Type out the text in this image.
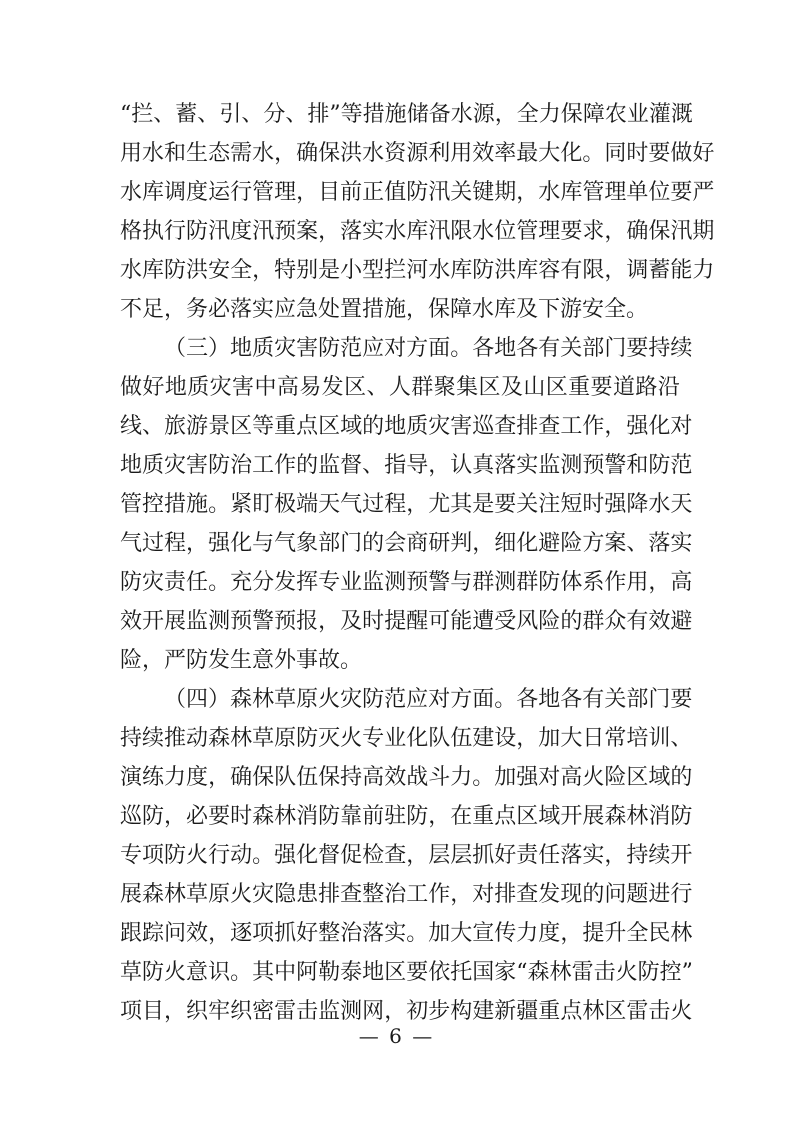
“ 拦 、 蓄 、 引 、 分 、 排 ” 等 措 施 储 备 水 源 ， 全 力 保 障 农 业 灌 溉
用 水 和 生 态 需 水 ， 确 保 洪 水 资 源 利 用 效 率 最 大 化 。 同 时 要 做 好
水 库 调 度 运 行 管 理 ， 目 前 正 值 防 汛 关 键 期 ， 水 库 管 理 单 位 要 严
格 执 行 防 汛 度 汛 预 案 ， 落 实 水 库 汛 限 水 位 管 理 要 求 ， 确 保 汛 期
水 库 防 洪 安 全 ， 特 别 是 小 型 拦 河 水 库 防 洪 库 容 有 限 ， 调 蓄 能 力
不足，务必落实应急处置措施，保障水库及下游安全。
（ 三 ） 地 质 灾 害 防 范 应 对 方 面 。 各 地 各 有 关 部 门 要 持 续
做 好 地 质 灾 害 中 高 易 发 区 、 人 群 聚 集 区 及 山 区 重 要 道 路 沿
线 、 旅 游 景 区 等 重 点 区 域 的 地 质 灾 害 巡 查 排 查 工 作 ， 强 化 对
地 质 灾 害 防 治 工 作 的 监 督 、 指 导 ， 认 真 落 实 监 测 预 警 和 防 范
管 控 措 施 。 紧 盯 极 端 天 气 过 程 ， 尤 其 是 要 关 注 短 时 强 降 水 天
气 过 程 ， 强 化 与 气 象 部 门 的 会 商 研 判 ， 细 化 避 险 方 案 、 落 实
防 灾 责 任 。 充 分 发 挥 专 业 监 测 预 警 与 群 测 群 防 体 系 作 用 ， 高
效 开 展 监 测 预 警 预 报 ， 及 时 提 醒 可 能 遭 受 风 险 的 群 众 有 效 避
险，严防发生意外事故。
（ 四 ） 森 林 草 原 火 灾 防 范 应 对 方 面 。 各 地 各 有 关 部 门 要
持 续 推 动 森 林 草 原 防 灭 火 专 业 化 队 伍 建 设 ， 加 大 日 常 培 训 、
演 练 力 度 ， 确 保 队 伍 保 持 高 效 战 斗 力 。 加 强 对 高 火 险 区 域 的
巡 防 ， 必 要 时 森 林 消 防 靠 前 驻 防 ， 在 重 点 区 域 开 展 森 林 消 防
专 项 防 火 行 动 。 强 化 督 促 检 查 ， 层 层 抓 好 责 任 落 实 ， 持 续 开
展 森 林 草 原 火 灾 隐 患 排 查 整 治 工 作 ， 对 排 查 发 现 的 问 题 进 行
跟 踪 问 效 ， 逐 项 抓 好 整 治 落 实 。 加 大 宣 传 力 度 ， 提 升 全 民 林
草 防 火 意 识 。 其 中 阿 勒 泰 地 区 要 依 托 国 家 “ 森 林 雷 击 火 防 控 ”
项 目 ， 织 牢 织 密 雷 击 监 测 网 ， 初 步 构 建 新 疆 重 点 林 区 雷 击 火
— 6 —
